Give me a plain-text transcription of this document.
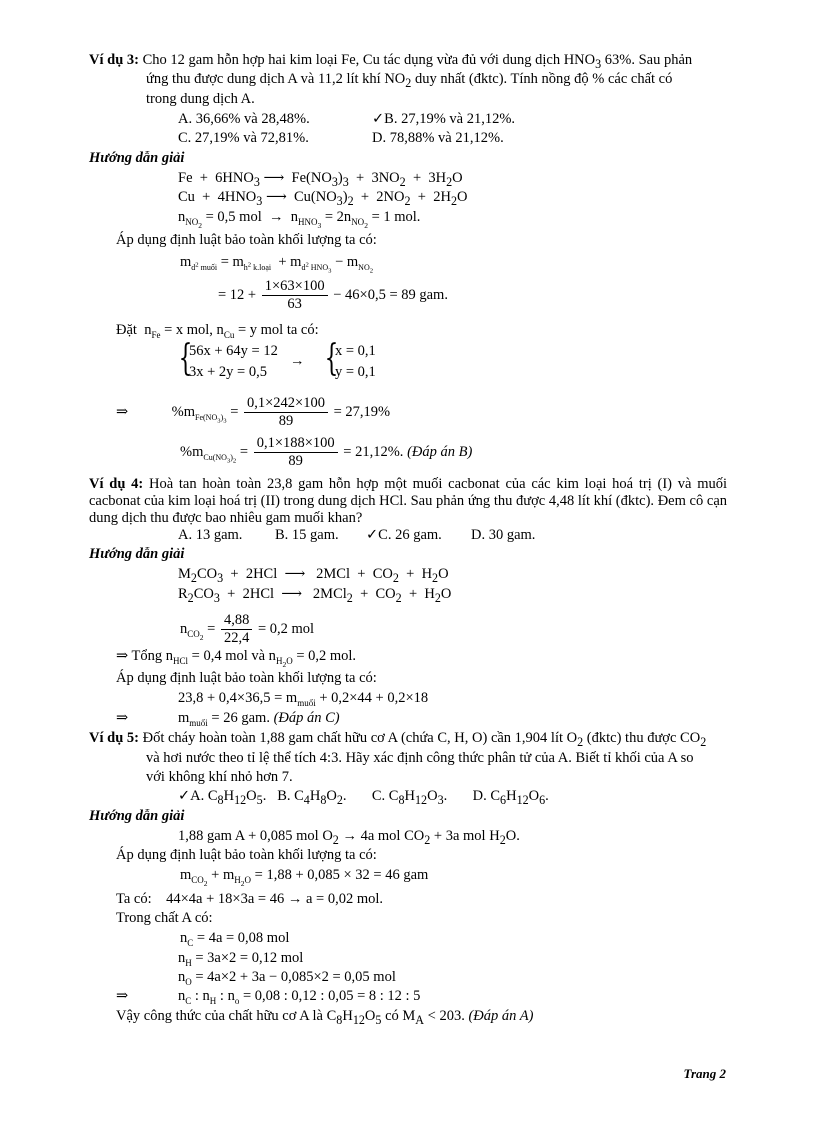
Ví dụ 3: Cho 12 gam hỗn hợp hai kim loại Fe, Cu tác dụng vừa đủ với dung dịch $HNO_3$ 63%. Sau phản
ứng thu được dung dịch A và 11,2 lít khí $NO_2$ duy nhất (đktc). Tính nồng độ % các chất có
trong dung dịch A.
A. 36,66% và 28,48%.	✓B. 27,19% và 21,12%.
C. 27,19% và 72,81%.	D. 78,88% và 21,12%.
Hướng dẫn giải
$Fe + 6HNO_3$ ⟶  $Fe(NO_3)_3 + 3NO_2 + 3H_2O$
$Cu + 4HNO_3$ ⟶  $Cu(NO_3)_2 + 2NO_2 + 2H_2O$
$n_{NO_2} = 0,5$ mol  →  $n_{HNO_3} = 2n_{NO_2} = 1$ mol.
Áp dụng định luật bảo toàn khối lượng ta có:
$m_{d^2 muối} = m_{h^2 k.loại} + m_{d^2 HNO_3} - m_{NO_2}$
= $12 + \frac{1\times 63\times 100}{63} - 46\times 0,5 = 89$ gam.
Đặt  $n_{Fe} = x$ mol, $n_{Cu} = y$ mol ta có:
{
56x + 64y = 12
3x + 2y = 0,5
→ {
x = 0,1
y = 0,1
⇒            $\%m_{Fe(NO_3)_3} = \frac{0,1\times 242\times 100}{89} = 27,19\%$
$\%m_{Cu(NO_3)_2} = \frac{0,1\times 188\times 100}{89} = 21,12\%$. (Đáp án B)
Ví dụ 4: Hoà tan hoàn toàn 23,8 gam hỗn hợp một muối cacbonat của các kim loại hoá trị (I) và muối cacbonat của kim loại hoá trị (II) trong dung dịch HCl. Sau phản ứng thu được 4,48 lít khí (đktc). Đem cô cạn dung dịch thu được bao nhiêu gam muối khan?
A. 13 gam. B. 15 gam. ✓C. 26 gam. D. 30 gam.
Hướng dẫn giải
$M_2CO_3 + 2HCl$  ⟶   $2MCl + CO_2 + H_2O$
$R_2CO_3 + 2HCl$  ⟶   $2MCl_2 + CO_2 + H_2O$
$n_{CO_2} = \frac{4,88}{22,4} = 0,2$ mol
⇒ Tổng $n_{HCl} = 0,4$ mol và $n_{H_2O} = 0,2$ mol.
Áp dụng định luật bảo toàn khối lượng ta có:
$23,8 + 0,4\times 36,5 = m_{muối} + 0,2\times 44 + 0,2\times 18$
⇒	$m_{muối} = 26$ gam. (Đáp án C)
Ví dụ 5: Đốt cháy hoàn toàn 1,88 gam chất hữu cơ A (chứa C, H, O) cần 1,904 lít $O_2$ (đktc) thu được $CO_2$
và hơi nước theo tỉ lệ thể tích 4:3. Hãy xác định công thức phân tử của A. Biết tỉ khối của A so
với không khí nhỏ hơn 7.
✓A. $C_8H_{12}O_5$. B. $C_4H_8O_2$. C. $C_8H_{12}O_3$. D. $C_6H_{12}O_6$.
Hướng dẫn giải
1,88 gam A + 0,085 mol $O_2 \to 4a$ mol $CO_2 + 3a$ mol $H_2O$.
Áp dụng định luật bảo toàn khối lượng ta có:
$m_{CO_2} + m_{H_2O} = 1,88 + 0,085 \times 32 = 46$ gam
Ta có: 44×4a + 18×3a = 46 → a = 0,02 mol.
Trong chất A có:
$n_C = 4a = 0,08$ mol
$n_H = 3a\times 2 = 0,12$ mol
$n_O = 4a\times 2 + 3a - 0,085\times 2 = 0,05$ mol
⇒	$n_C$ : $n_H$ : $n_o = 0,08$ : 0,12 : 0,05 = 8 : 12 : 5
Vậy công thức của chất hữu cơ A là $C_8H_{12}O_5$ có $M_A < 203$. (Đáp án A)
Trang 2
